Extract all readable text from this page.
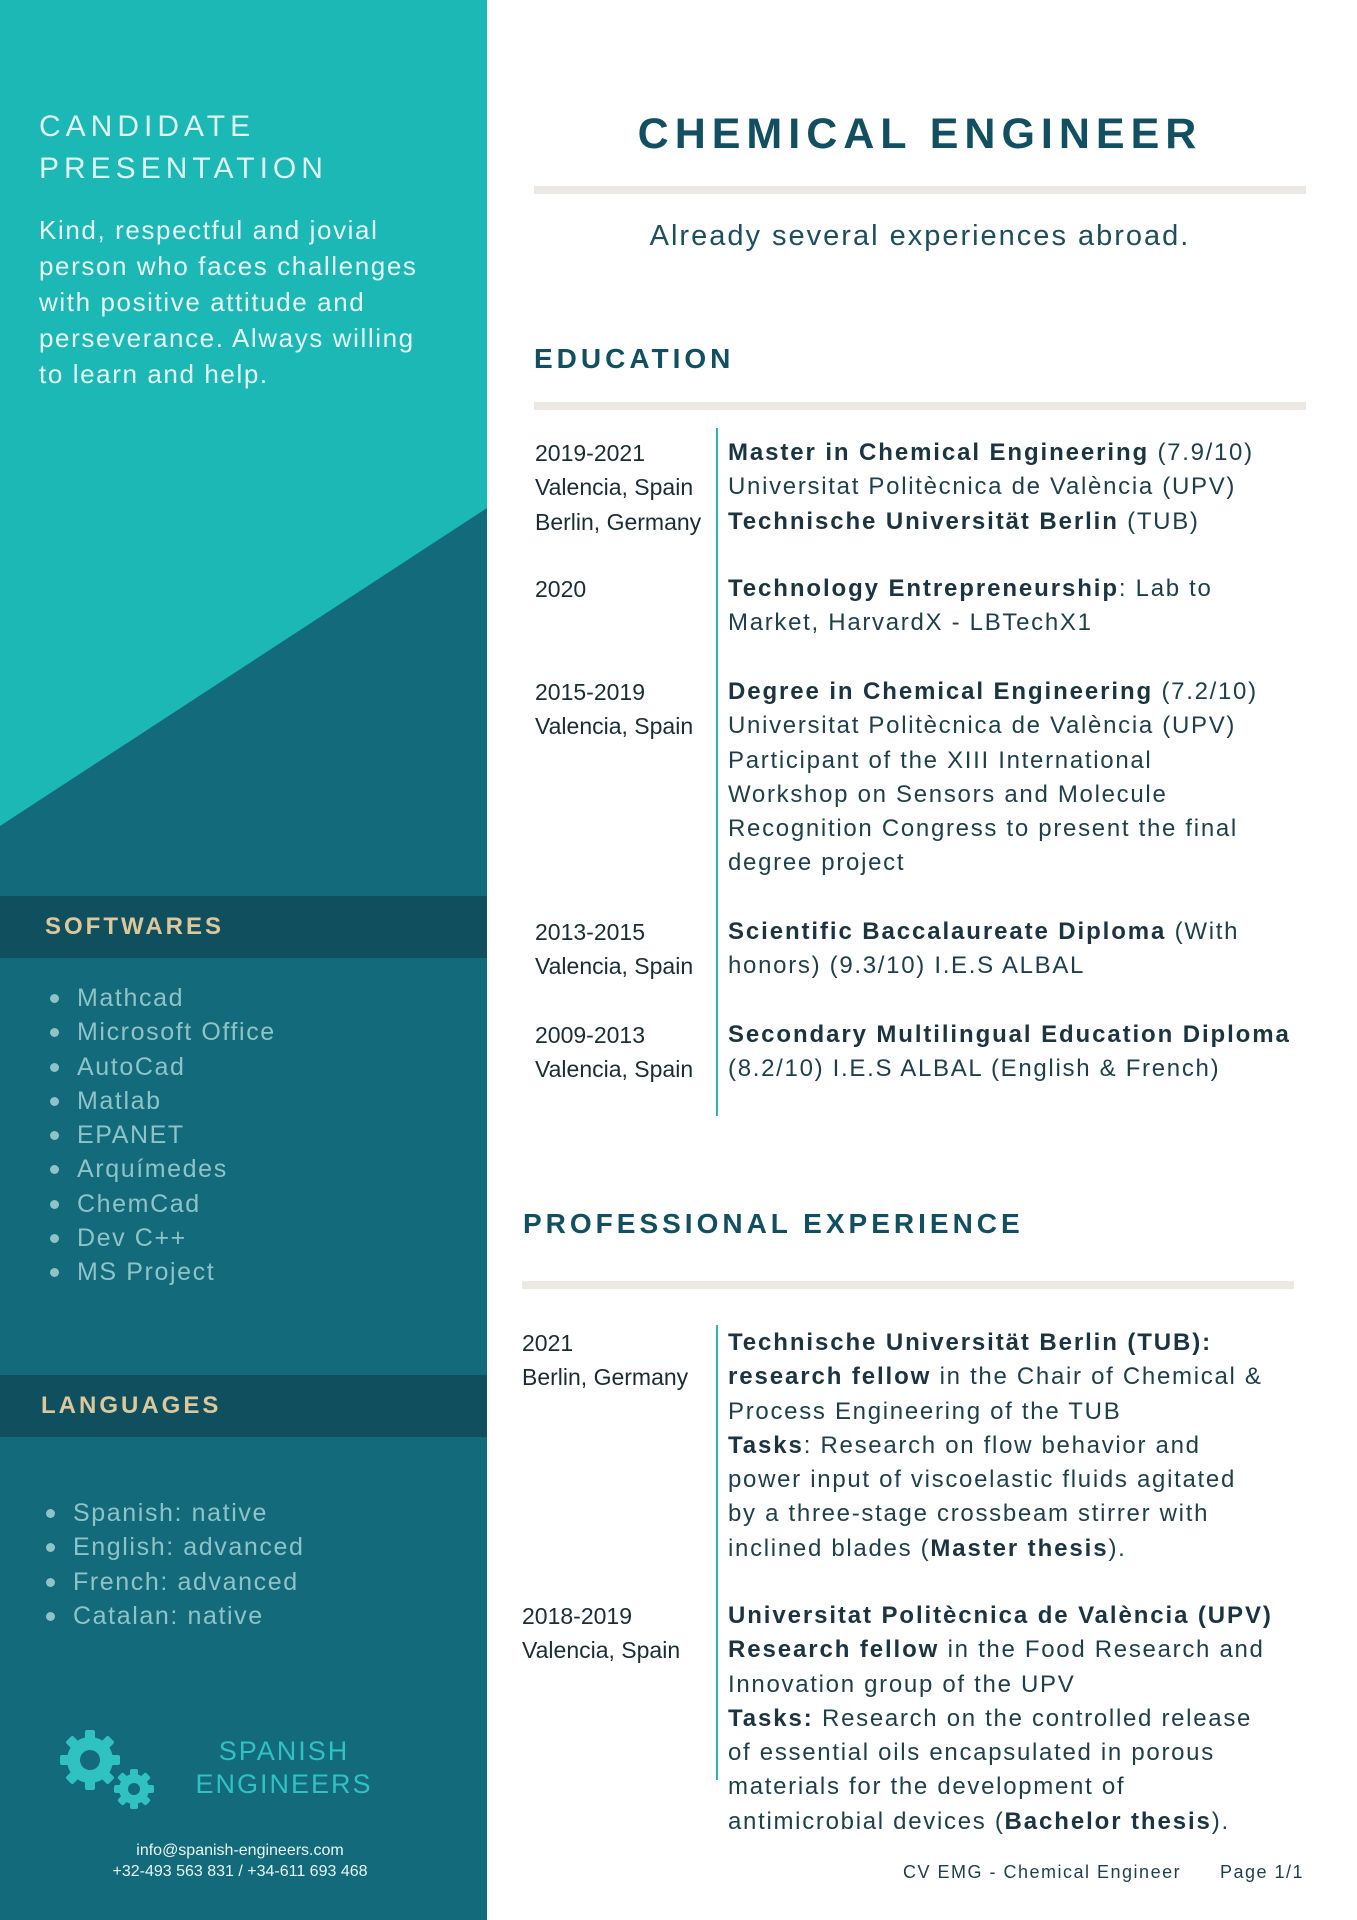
CANDIDATE
PRESENTATION

Kind, respectful and jovial person who faces challenges with positive attitude and perseverance. Always willing to learn and help.

SOFTWARES
Mathcad
Microsoft Office
AutoCad
Matlab
EPANET
Arquímedes
ChemCad
Dev C++
MS Project
LANGUAGES
Spanish: native
English: advanced
French: advanced
Catalan: native
SPANISH
ENGINEERS
info@spanish-engineers.com
+32-493 563 831 / +34-611 693 468
CHEMICAL ENGINEER
Already several experiences abroad.
EDUCATION
2019-2021
Valencia, Spain
Berlin, Germany
Master in Chemical Engineering (7.9/10)
Universitat Politècnica de València (UPV)
Technische Universität Berlin (TUB)
2020	Technology Entrepreneurship: Lab to
Market, HarvardX - LBTechX1
2015-2019
Valencia, Spain
Degree in Chemical Engineering (7.2/10)
Universitat Politècnica de València (UPV)
Participant of the XIII International
Workshop on Sensors and Molecule
Recognition Congress to present the final
degree project
2013-2015
Valencia, Spain
Scientific Baccalaureate Diploma (With
honors) (9.3/10) I.E.S ALBAL
2009-2013
Valencia, Spain
Secondary Multilingual Education Diploma
(8.2/10) I.E.S ALBAL (English & French)
PROFESSIONAL EXPERIENCE
2021
Berlin, Germany
Technische Universität Berlin (TUB):
research fellow in the Chair of Chemical &
Process Engineering of the TUB
Tasks: Research on flow behavior and
power input of viscoelastic fluids agitated
by a three-stage crossbeam stirrer with
inclined blades (Master thesis).
2018-2019
Valencia, Spain
Universitat Politècnica de València (UPV)
Research fellow in the Food Research and
Innovation group of the UPV
Tasks: Research on the controlled release
of essential oils encapsulated in porous
materials for the development of
antimicrobial devices (Bachelor thesis).
CV EMG - Chemical Engineer Page 1/1
